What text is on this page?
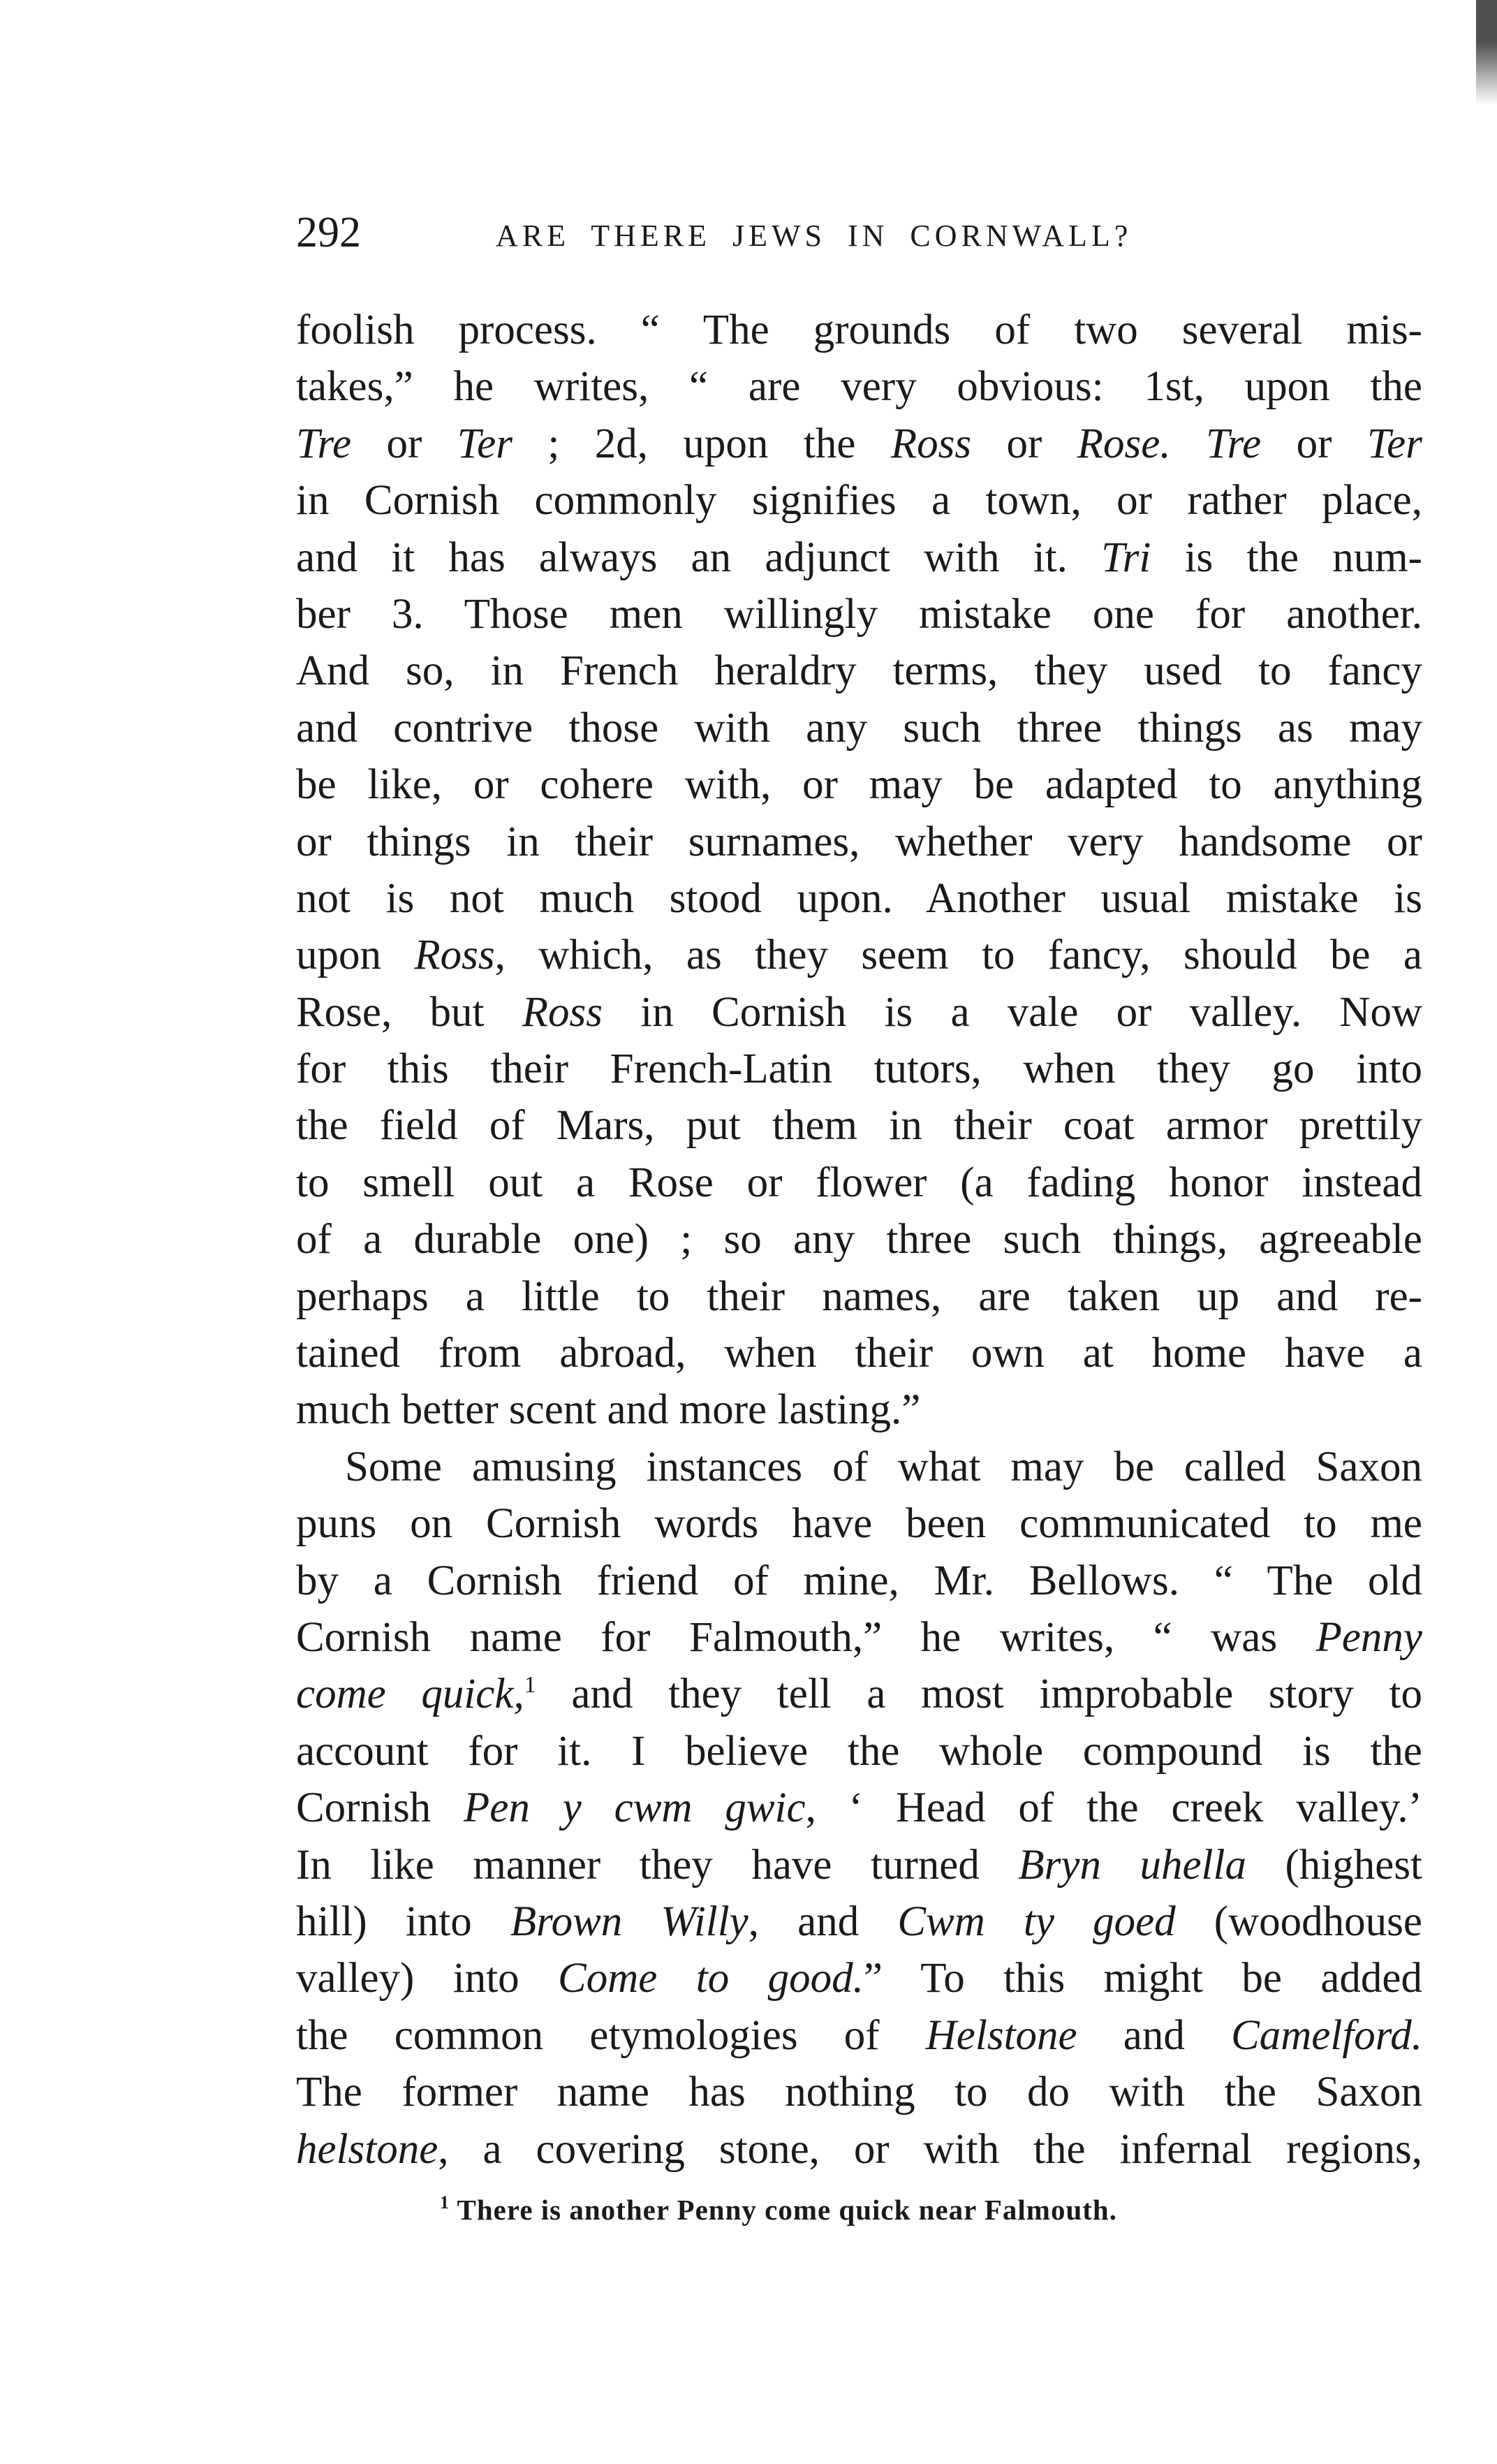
292	ARE THERE JEWS IN CORNWALL?
foolish process. “ The grounds of two several mis-
takes,” he writes, “ are very obvious: 1st, upon the
Tre or Ter ; 2d, upon the Ross or Rose. Tre or Ter
in Cornish commonly signifies a town, or rather place,
and it has always an adjunct with it. Tri is the num-
ber 3. Those men willingly mistake one for another.
And so, in French heraldry terms, they used to fancy
and contrive those with any such three things as may
be like, or cohere with, or may be adapted to anything
or things in their surnames, whether very handsome or
not is not much stood upon. Another usual mistake is
upon Ross, which, as they seem to fancy, should be a
Rose, but Ross in Cornish is a vale or valley. Now
for this their French-Latin tutors, when they go into
the field of Mars, put them in their coat armor prettily
to smell out a Rose or flower (a fading honor instead
of a durable one) ; so any three such things, agreeable
perhaps a little to their names, are taken up and re-
tained from abroad, when their own at home have a
much better scent and more lasting.”
Some amusing instances of what may be called Saxon
puns on Cornish words have been communicated to me
by a Cornish friend of mine, Mr. Bellows. “ The old
Cornish name for Falmouth,” he writes, “ was Penny
come quick,$^1$ and they tell a most improbable story to
account for it. I believe the whole compound is the
Cornish Pen y cwm gwic, ‘ Head of the creek valley.’
In like manner they have turned Bryn uhella (highest
hill) into Brown Willy, and Cwm ty goed (woodhouse
valley) into Come to good.” To this might be added
the common etymologies of Helstone and Camelford.
The former name has nothing to do with the Saxon
helstone, a covering stone, or with the infernal regions,
$^1$ There is another Penny come quick near Falmouth.
